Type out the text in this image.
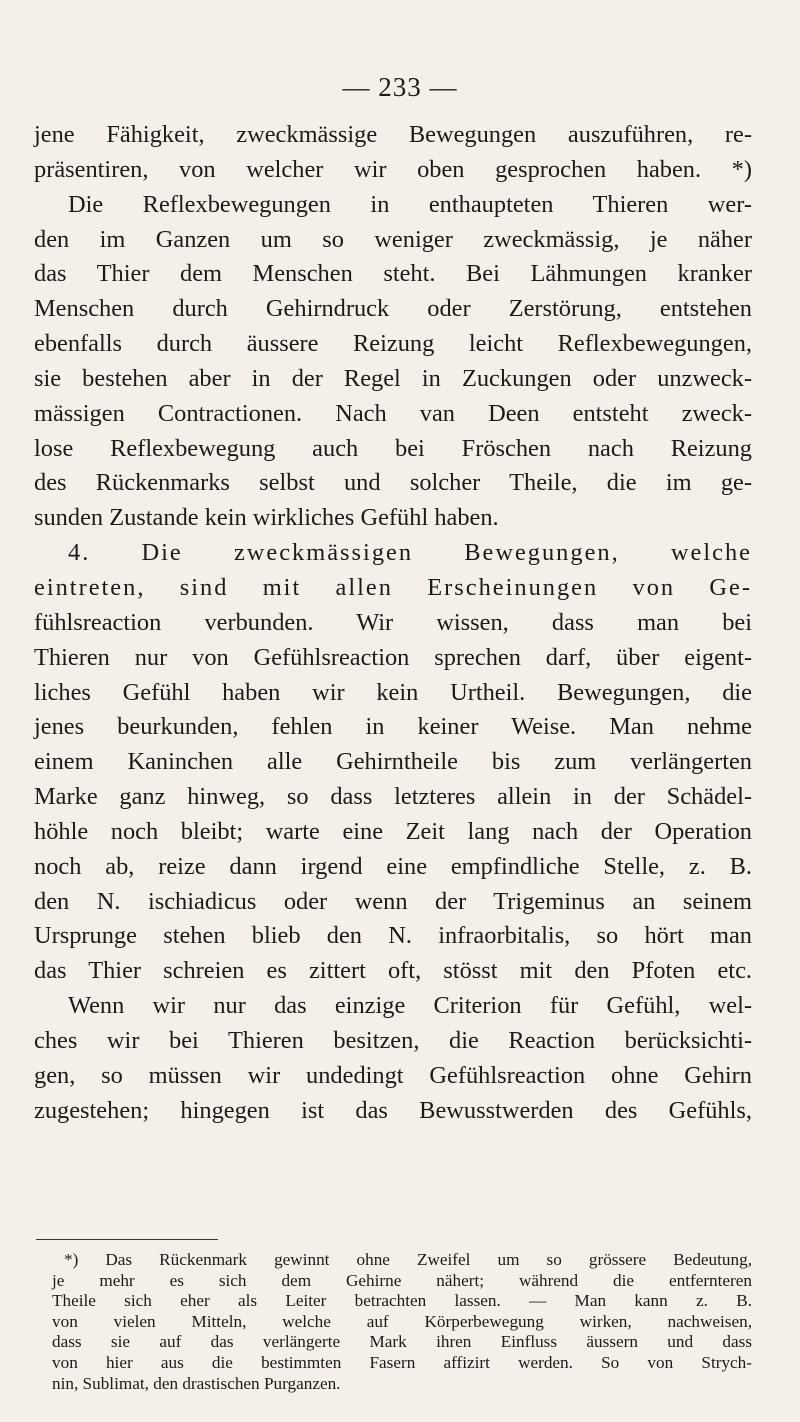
— 233 —
jene Fähigkeit, zweckmässige Bewegungen auszuführen, re-
präsentiren, von welcher wir oben gesprochen haben. *)
Die Reflexbewegungen in enthaupteten Thieren wer-
den im Ganzen um so weniger zweckmässig, je näher
das Thier dem Menschen steht. Bei Lähmungen kranker
Menschen durch Gehirndruck oder Zerstörung, entstehen
ebenfalls durch äussere Reizung leicht Reflexbewegungen,
sie bestehen aber in der Regel in Zuckungen oder unzweck-
mässigen Contractionen. Nach van Deen entsteht zweck-
lose Reflexbewegung auch bei Fröschen nach Reizung
des Rückenmarks selbst und solcher Theile, die im ge-
sunden Zustande kein wirkliches Gefühl haben.
4. Die zweckmässigen Bewegungen, welche
eintreten, sind mit allen Erscheinungen von Ge-
fühlsreaction verbunden. Wir wissen, dass man bei
Thieren nur von Gefühlsreaction sprechen darf, über eigent-
liches Gefühl haben wir kein Urtheil. Bewegungen, die
jenes beurkunden, fehlen in keiner Weise. Man nehme
einem Kaninchen alle Gehirntheile bis zum verlängerten
Marke ganz hinweg, so dass letzteres allein in der Schädel-
höhle noch bleibt; warte eine Zeit lang nach der Operation
noch ab, reize dann irgend eine empfindliche Stelle, z. B.
den N. ischiadicus oder wenn der Trigeminus an seinem
Ursprunge stehen blieb den N. infraorbitalis, so hört man
das Thier schreien es zittert oft, stösst mit den Pfoten etc.
Wenn wir nur das einzige Criterion für Gefühl, wel-
ches wir bei Thieren besitzen, die Reaction berücksichti-
gen, so müssen wir undedingt Gefühlsreaction ohne Gehirn
zugestehen; hingegen ist das Bewusstwerden des Gefühls,
*) Das Rückenmark gewinnt ohne Zweifel um so grössere Bedeutung,
je mehr es sich dem Gehirne nähert; während die entfernteren
Theile sich eher als Leiter betrachten lassen. — Man kann z. B.
von vielen Mitteln, welche auf Körperbewegung wirken, nachweisen,
dass sie auf das verlängerte Mark ihren Einfluss äussern und dass
von hier aus die bestimmten Fasern affizirt werden. So von Strych-
nin, Sublimat, den drastischen Purganzen.
